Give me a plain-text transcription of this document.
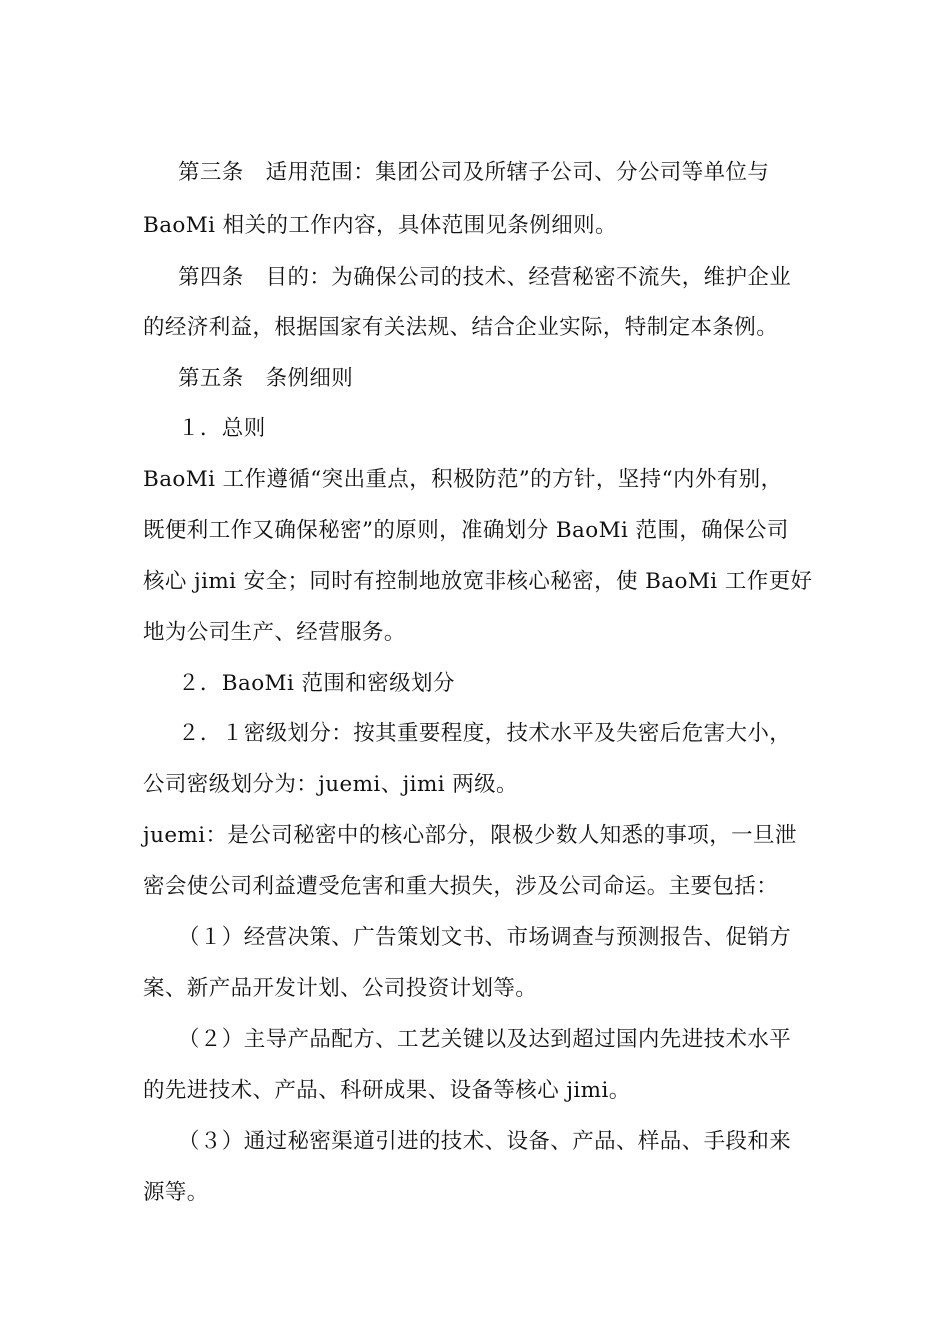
第三条　适用范围：集团公司及所辖子公司、分公司等单位与

BaoMi 相关的工作内容，具体范围见条例细则。

第四条　目的：为确保公司的技术、经营秘密不流失，维护企业

的经济利益，根据国家有关法规、结合企业实际，特制定本条例。

第五条　条例细则

１．总则

BaoMi 工作遵循“突出重点，积极防范”的方针，坚持“内外有别，

既便利工作又确保秘密”的原则，准确划分 BaoMi 范围，确保公司

核心 jimi 安全；同时有控制地放宽非核心秘密，使 BaoMi 工作更好

地为公司生产、经营服务。

２．BaoMi 范围和密级划分

２．１密级划分：按其重要程度，技术水平及失密后危害大小，

公司密级划分为：juemi、jimi 两级。

juemi：是公司秘密中的核心部分，限极少数人知悉的事项，一旦泄

密会使公司利益遭受危害和重大损失，涉及公司命运。主要包括：

（１）经营决策、广告策划文书、市场调查与预测报告、促销方

案、新产品开发计划、公司投资计划等。

（２）主导产品配方、工艺关键以及达到超过国内先进技术水平

的先进技术、产品、科研成果、设备等核心 jimi。

（３）通过秘密渠道引进的技术、设备、产品、样品、手段和来

源等。
